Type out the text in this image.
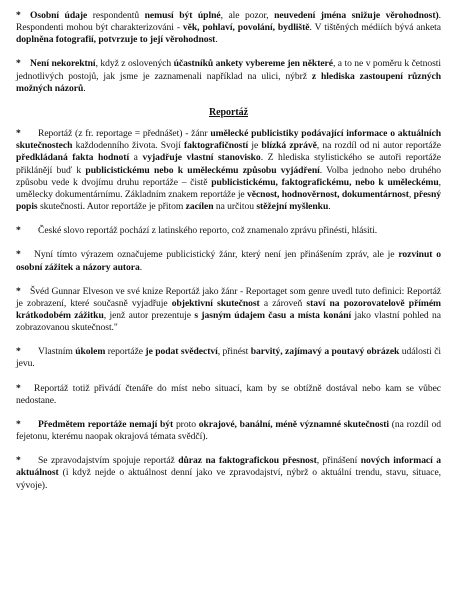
* Osobní údaje respondentů nemusí být úplné, ale pozor, neuvedení jména snižuje věrohodnost). Respondenti mohou být charakterizováni - věk, pohlaví, povolání, bydliště. V tištěných médiích bývá anketa doplněna fotografií, potvrzuje to její věrohodnost.

* Není nekorektní, když z oslovených účastníků ankety vybereme jen některé, a to ne v poměru k četnosti jednotlivých postojů, jak jsme je zaznamenali například na ulici, nýbrž z hlediska zastoupení různých možných názorů.

Reportáž

* Reportáž (z fr. reportage = přednášet) - žánr umělecké publicistiky podávající informace o aktuálních skutečnostech každodenního života. Svojí faktografičností je blízká zprávě, na rozdíl od ni autor reportáže předkládaná fakta hodnotí a vyjadřuje vlastní stanovisko. Z hlediska stylistického se autoři reportáže přiklánějí buď k publicistickému nebo k uměleckému způsobu vyjádření. Volba jednoho nebo druhého způsobu vede k dvojímu druhu reportáže – čistě publicistickému, faktografickému, nebo k uměleckému, umělecky dokumentárnímu. Základním znakem reportáže je věcnost, hodnověrnost, dokumentárnost, přesný popis skutečnosti. Autor reportáže je přitom zacílen na určitou stěžejní myšlenku.

* České slovo reportáž pochází z latinského reporto, což znamenalo zprávu přinésti, hlásiti.

* Nyní tímto výrazem označujeme publicistický žánr, který není jen přinášením zpráv, ale je rozvinut o osobní zážitek a názory autora.

* Švéd Gunnar Elveson ve své knize Reportáž jako žánr - Reportaget som genre uvedl tuto definici: Reportáž je zobrazení, které současně vyjadřuje objektivní skutečnost a zároveň staví na pozorovatelově přímém krátkodobém zážitku, jenž autor prezentuje s jasným údajem času a místa konání jako vlastní pohled na zobrazovanou skutečnost."

* Vlastním úkolem reportáže je podat svědectví, přinést barvitý, zajímavý a poutavý obrázek události či jevu.

* Reportáž totiž přivádí čtenáře do míst nebo situací, kam by se obtížně dostával nebo kam se vůbec nedostane.

* Předmětem reportáže nemají být proto okrajové, banální, méně významné skutečnosti (na rozdíl od fejetonu, kterému naopak okrajová témata svědčí).

* Se zpravodajstvím spojuje reportáž důraz na faktografickou přesnost, přinášení nových informací a aktuálnost (i když nejde o aktuálnost denní jako ve zpravodajství, nýbrž o aktuální trendu, stavu, situace, vývoje).
